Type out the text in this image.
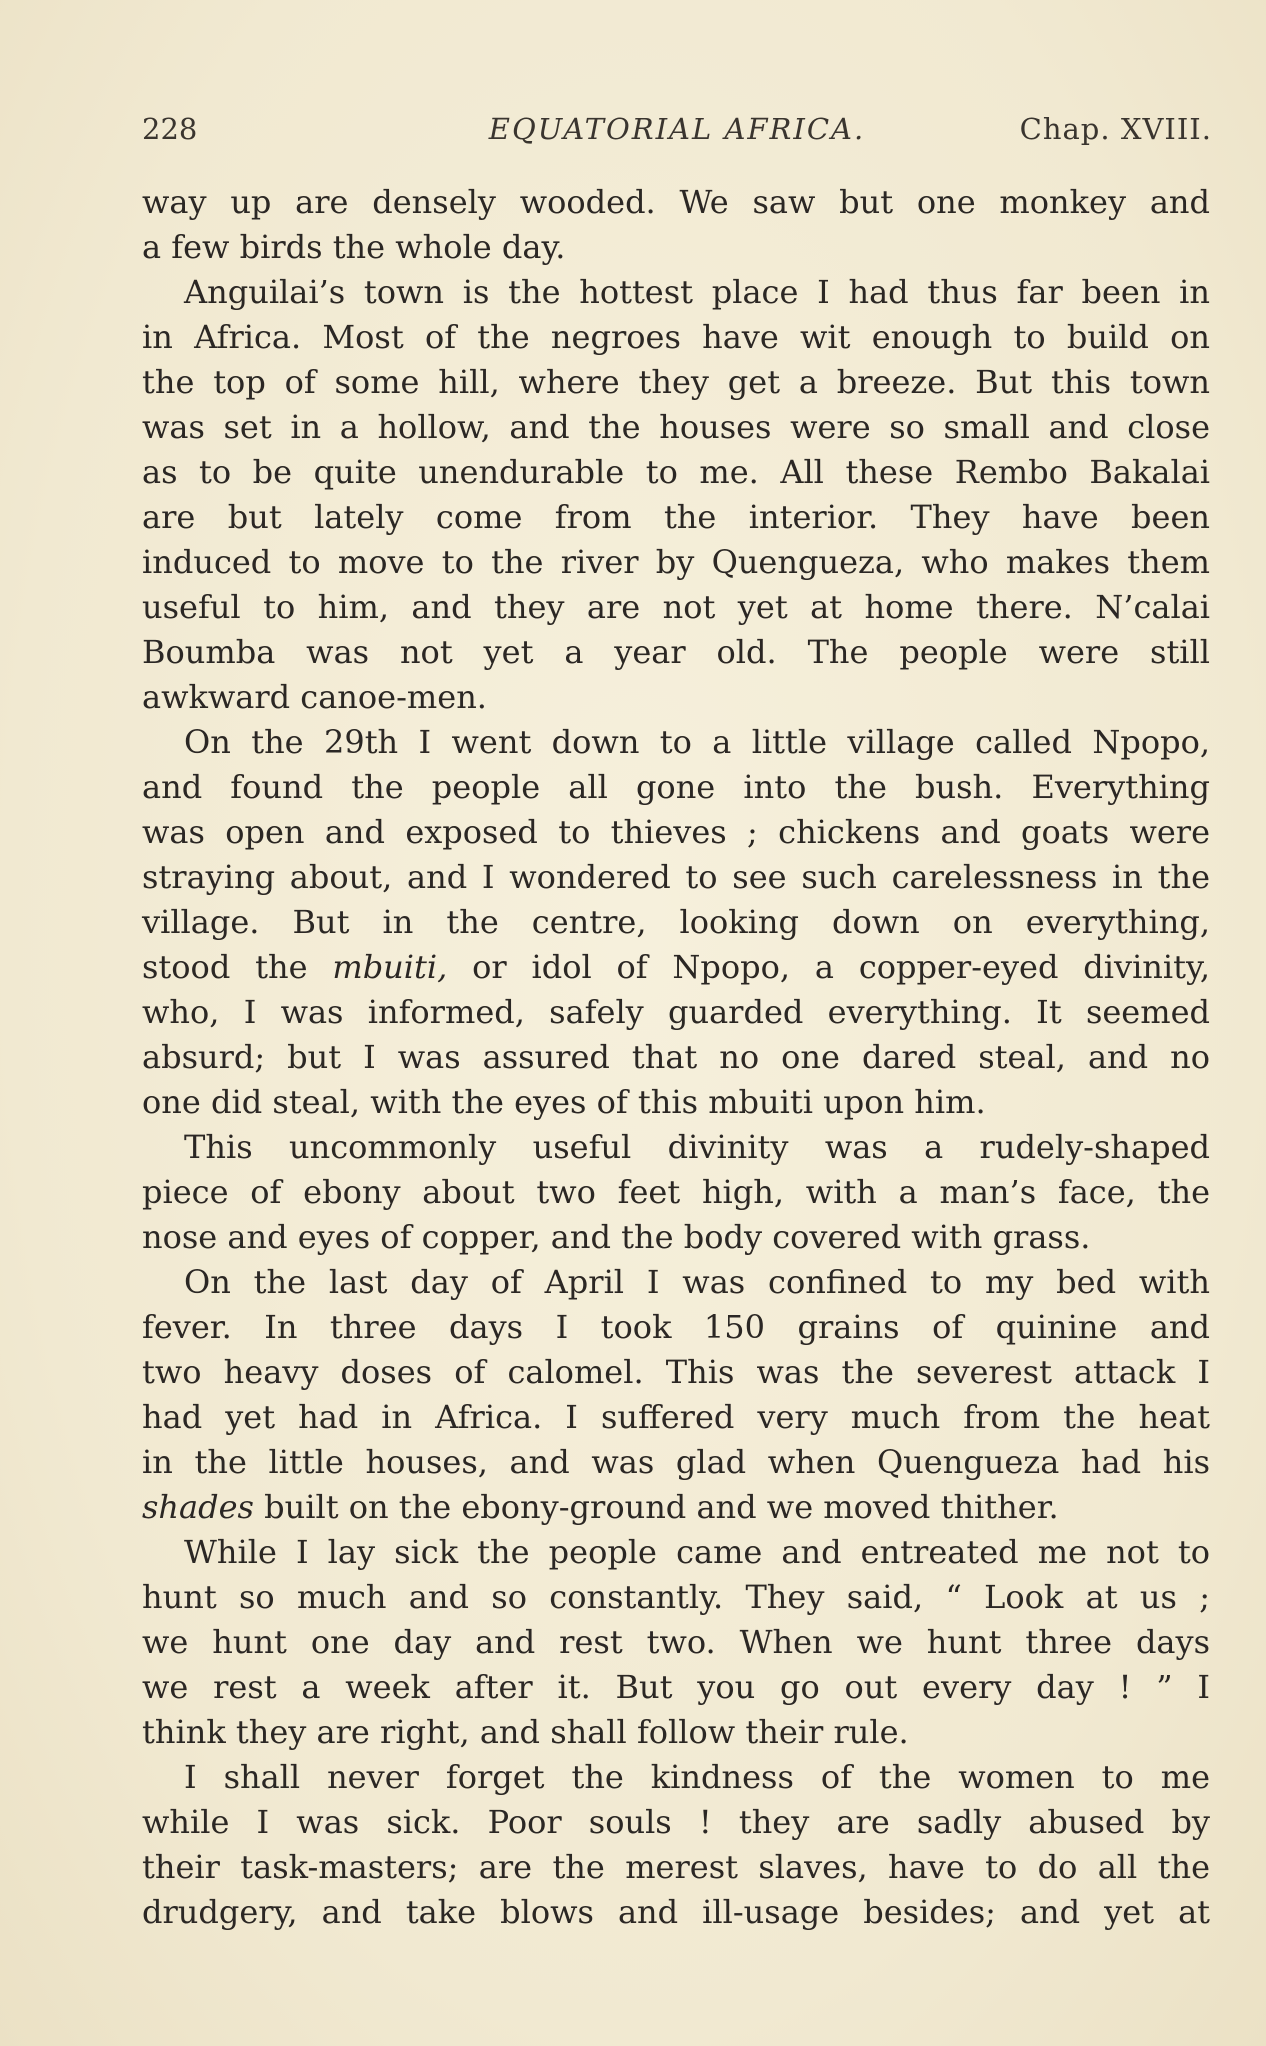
228	EQUATORIAL AFRICA.	Chap. XVIII.
way up are densely wooded. We saw but one monkey and
a few birds the whole day.
Anguilai’s town is the hottest place I had thus far been in
in Africa. Most of the negroes have wit enough to build on
the top of some hill, where they get a breeze. But this town
was set in a hollow, and the houses were so small and close
as to be quite unendurable to me. All these Rembo Bakalai
are but lately come from the interior. They have been
induced to move to the river by Quengueza, who makes them
useful to him, and they are not yet at home there. N’calai
Boumba was not yet a year old. The people were still
awkward canoe-men.
On the 29th I went down to a little village called Npopo,
and found the people all gone into the bush. Everything
was open and exposed to thieves ; chickens and goats were
straying about, and I wondered to see such carelessness in the
village. But in the centre, looking down on everything,
stood the mbuiti, or idol of Npopo, a copper-eyed divinity,
who, I was informed, safely guarded everything. It seemed
absurd; but I was assured that no one dared steal, and no
one did steal, with the eyes of this mbuiti upon him.
This uncommonly useful divinity was a rudely-shaped
piece of ebony about two feet high, with a man’s face, the
nose and eyes of copper, and the body covered with grass.
On the last day of April I was confined to my bed with
fever. In three days I took 150 grains of quinine and
two heavy doses of calomel. This was the severest attack I
had yet had in Africa. I suffered very much from the heat
in the little houses, and was glad when Quengueza had his
shades built on the ebony-ground and we moved thither.
While I lay sick the people came and entreated me not to
hunt so much and so constantly. They said, “ Look at us ;
we hunt one day and rest two. When we hunt three days
we rest a week after it. But you go out every day ! ” I
think they are right, and shall follow their rule.
I shall never forget the kindness of the women to me
while I was sick. Poor souls ! they are sadly abused by
their task-masters; are the merest slaves, have to do all the
drudgery, and take blows and ill-usage besides; and yet at
